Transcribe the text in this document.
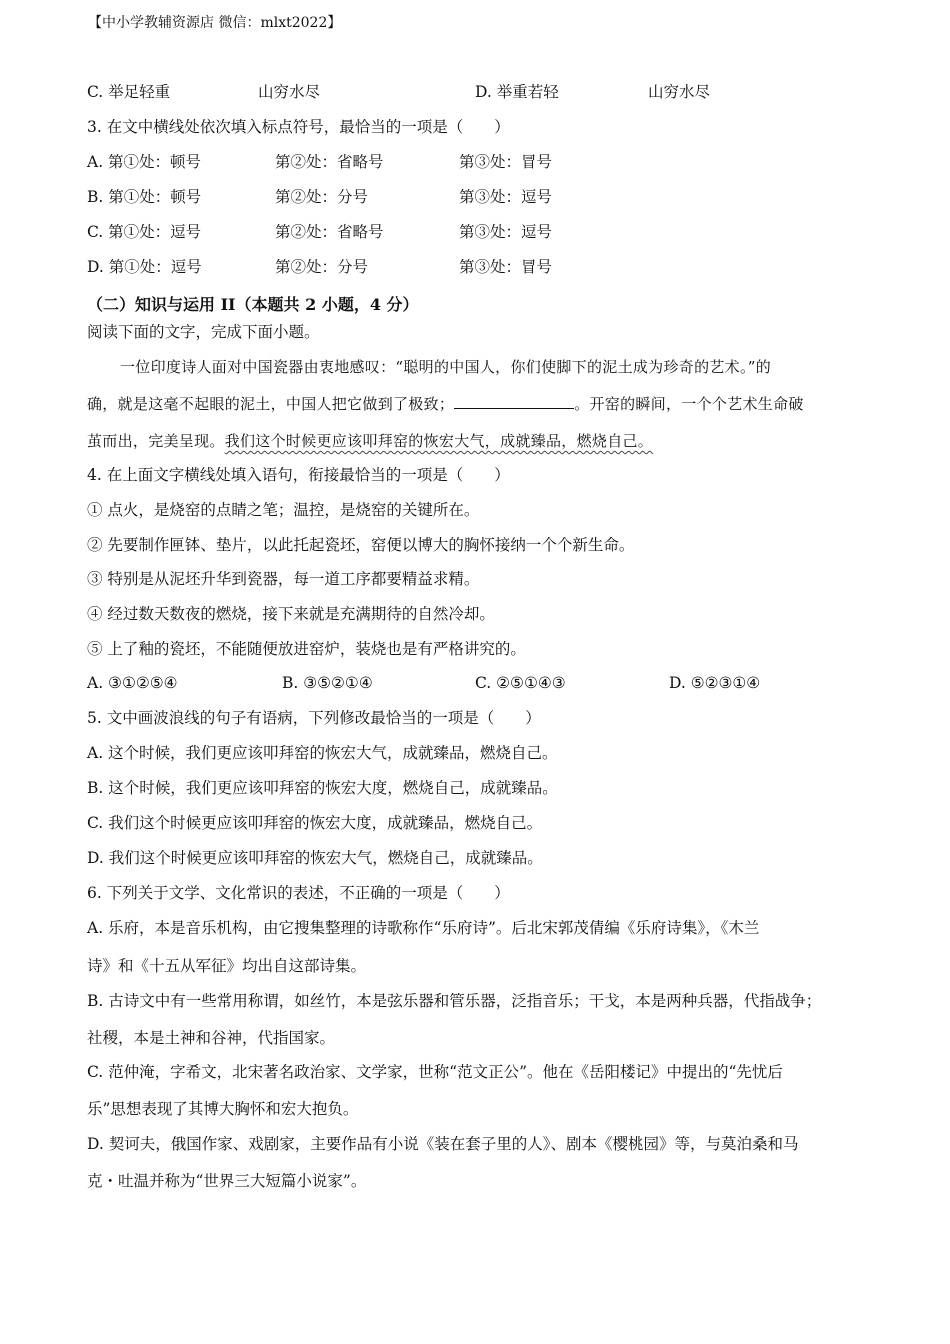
【中小学教辅资源店 微信：mlxt2022】
C. 举足轻重	山穷水尽	D. 举重若轻	山穷水尽
3. 在文中横线处依次填入标点符号，最恰当的一项是（　　）
A. 第①处：顿号	第②处：省略号	第③处：冒号
B. 第①处：顿号	第②处：分号	第③处：逗号
C. 第①处：逗号	第②处：省略号	第③处：逗号
D. 第①处：逗号	第②处：分号	第③处：冒号
（二）知识与运用 II（本题共 2 小题，4 分）
阅读下面的文字，完成下面小题。
一位印度诗人面对中国瓷器由衷地感叹：“聪明的中国人，你们使脚下的泥土成为珍奇的艺术。”的
确，就是这毫不起眼的泥土，中国人把它做到了极致；	。开窑的瞬间，一个个艺术生命破
茧而出，完美呈现。我们这个时候更应该叩拜窑的恢宏大气，成就臻品，燃烧自己。
4. 在上面文字横线处填入语句，衔接最恰当的一项是（　　）
① 点火，是烧窑的点睛之笔；温控，是烧窑的关键所在。
② 先要制作匣钵、垫片，以此托起瓷坯，窑便以博大的胸怀接纳一个个新生命。
③ 特别是从泥坯升华到瓷器，每一道工序都要精益求精。
④ 经过数天数夜的燃烧，接下来就是充满期待的自然冷却。
⑤ 上了釉的瓷坯，不能随便放进窑炉，装烧也是有严格讲究的。
A. ③①②⑤④	B. ③⑤②①④	C. ②⑤①④③	D. ⑤②③①④
5. 文中画波浪线的句子有语病，下列修改最恰当的一项是（　　）
A. 这个时候，我们更应该叩拜窑的恢宏大气，成就臻品，燃烧自己。
B. 这个时候，我们更应该叩拜窑的恢宏大度，燃烧自己，成就臻品。
C. 我们这个时候更应该叩拜窑的恢宏大度，成就臻品，燃烧自己。
D. 我们这个时候更应该叩拜窑的恢宏大气，燃烧自己，成就臻品。
6. 下列关于文学、文化常识的表述，不正确的一项是（　　）
A. 乐府，本是音乐机构，由它搜集整理的诗歌称作“乐府诗”。后北宋郭茂倩编《乐府诗集》，《木兰
诗》和《十五从军征》均出自这部诗集。
B. 古诗文中有一些常用称谓，如丝竹，本是弦乐器和管乐器，泛指音乐；干戈，本是两种兵器，代指战争；
社稷，本是土神和谷神，代指国家。
C. 范仲淹，字希文，北宋著名政治家、文学家，世称“范文正公”。他在《岳阳楼记》中提出的“先忧后
乐”思想表现了其博大胸怀和宏大抱负。
D. 契诃夫，俄国作家、戏剧家，主要作品有小说《装在套子里的人》、剧本《樱桃园》等，与莫泊桑和马
克・吐温并称为“世界三大短篇小说家”。
